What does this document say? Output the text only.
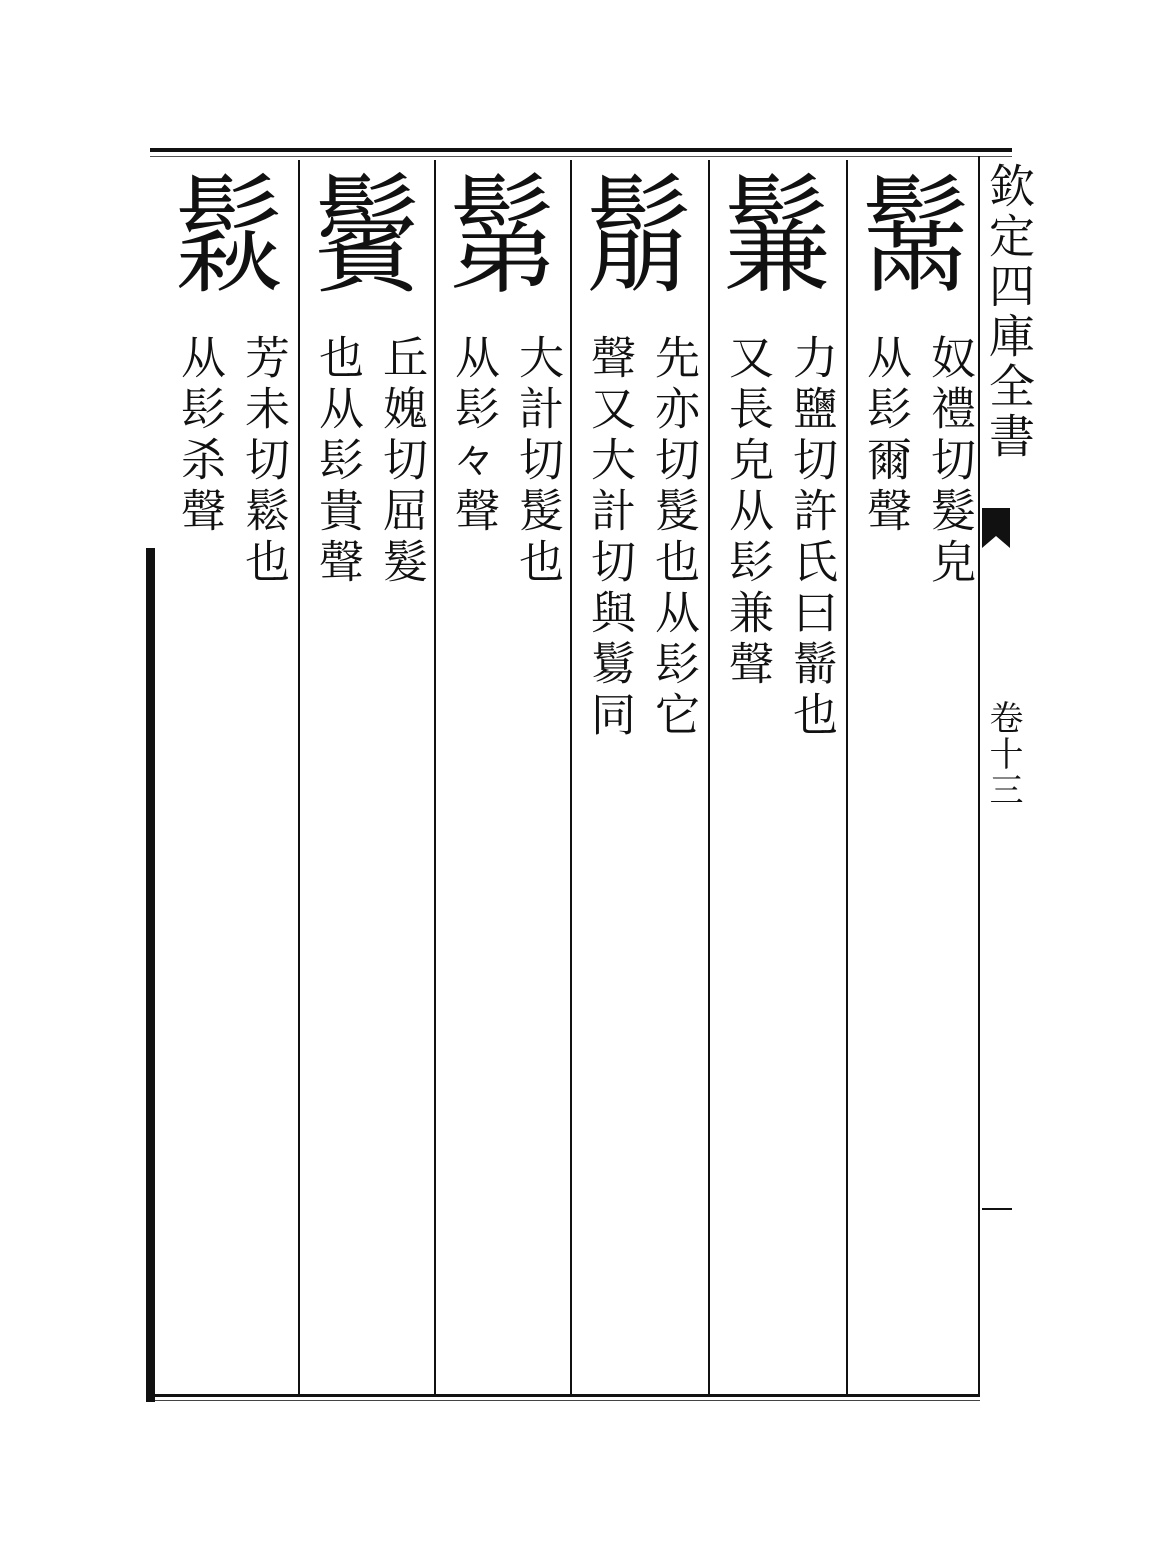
欽定四庫全書
卷十三
鬗
奴禮切髮皃
从髟爾聲
鬑
力鹽切許氏曰鬋也
又長皃从髟兼聲
鬅
先亦切髲也从髟它
聲又大計切與鬄同
鬀
大計切髲也
从髟𠚤聲
鬢
丘媿切屈髮
也从髟貴聲
鬏
芳未切鬆也
从髟杀聲
